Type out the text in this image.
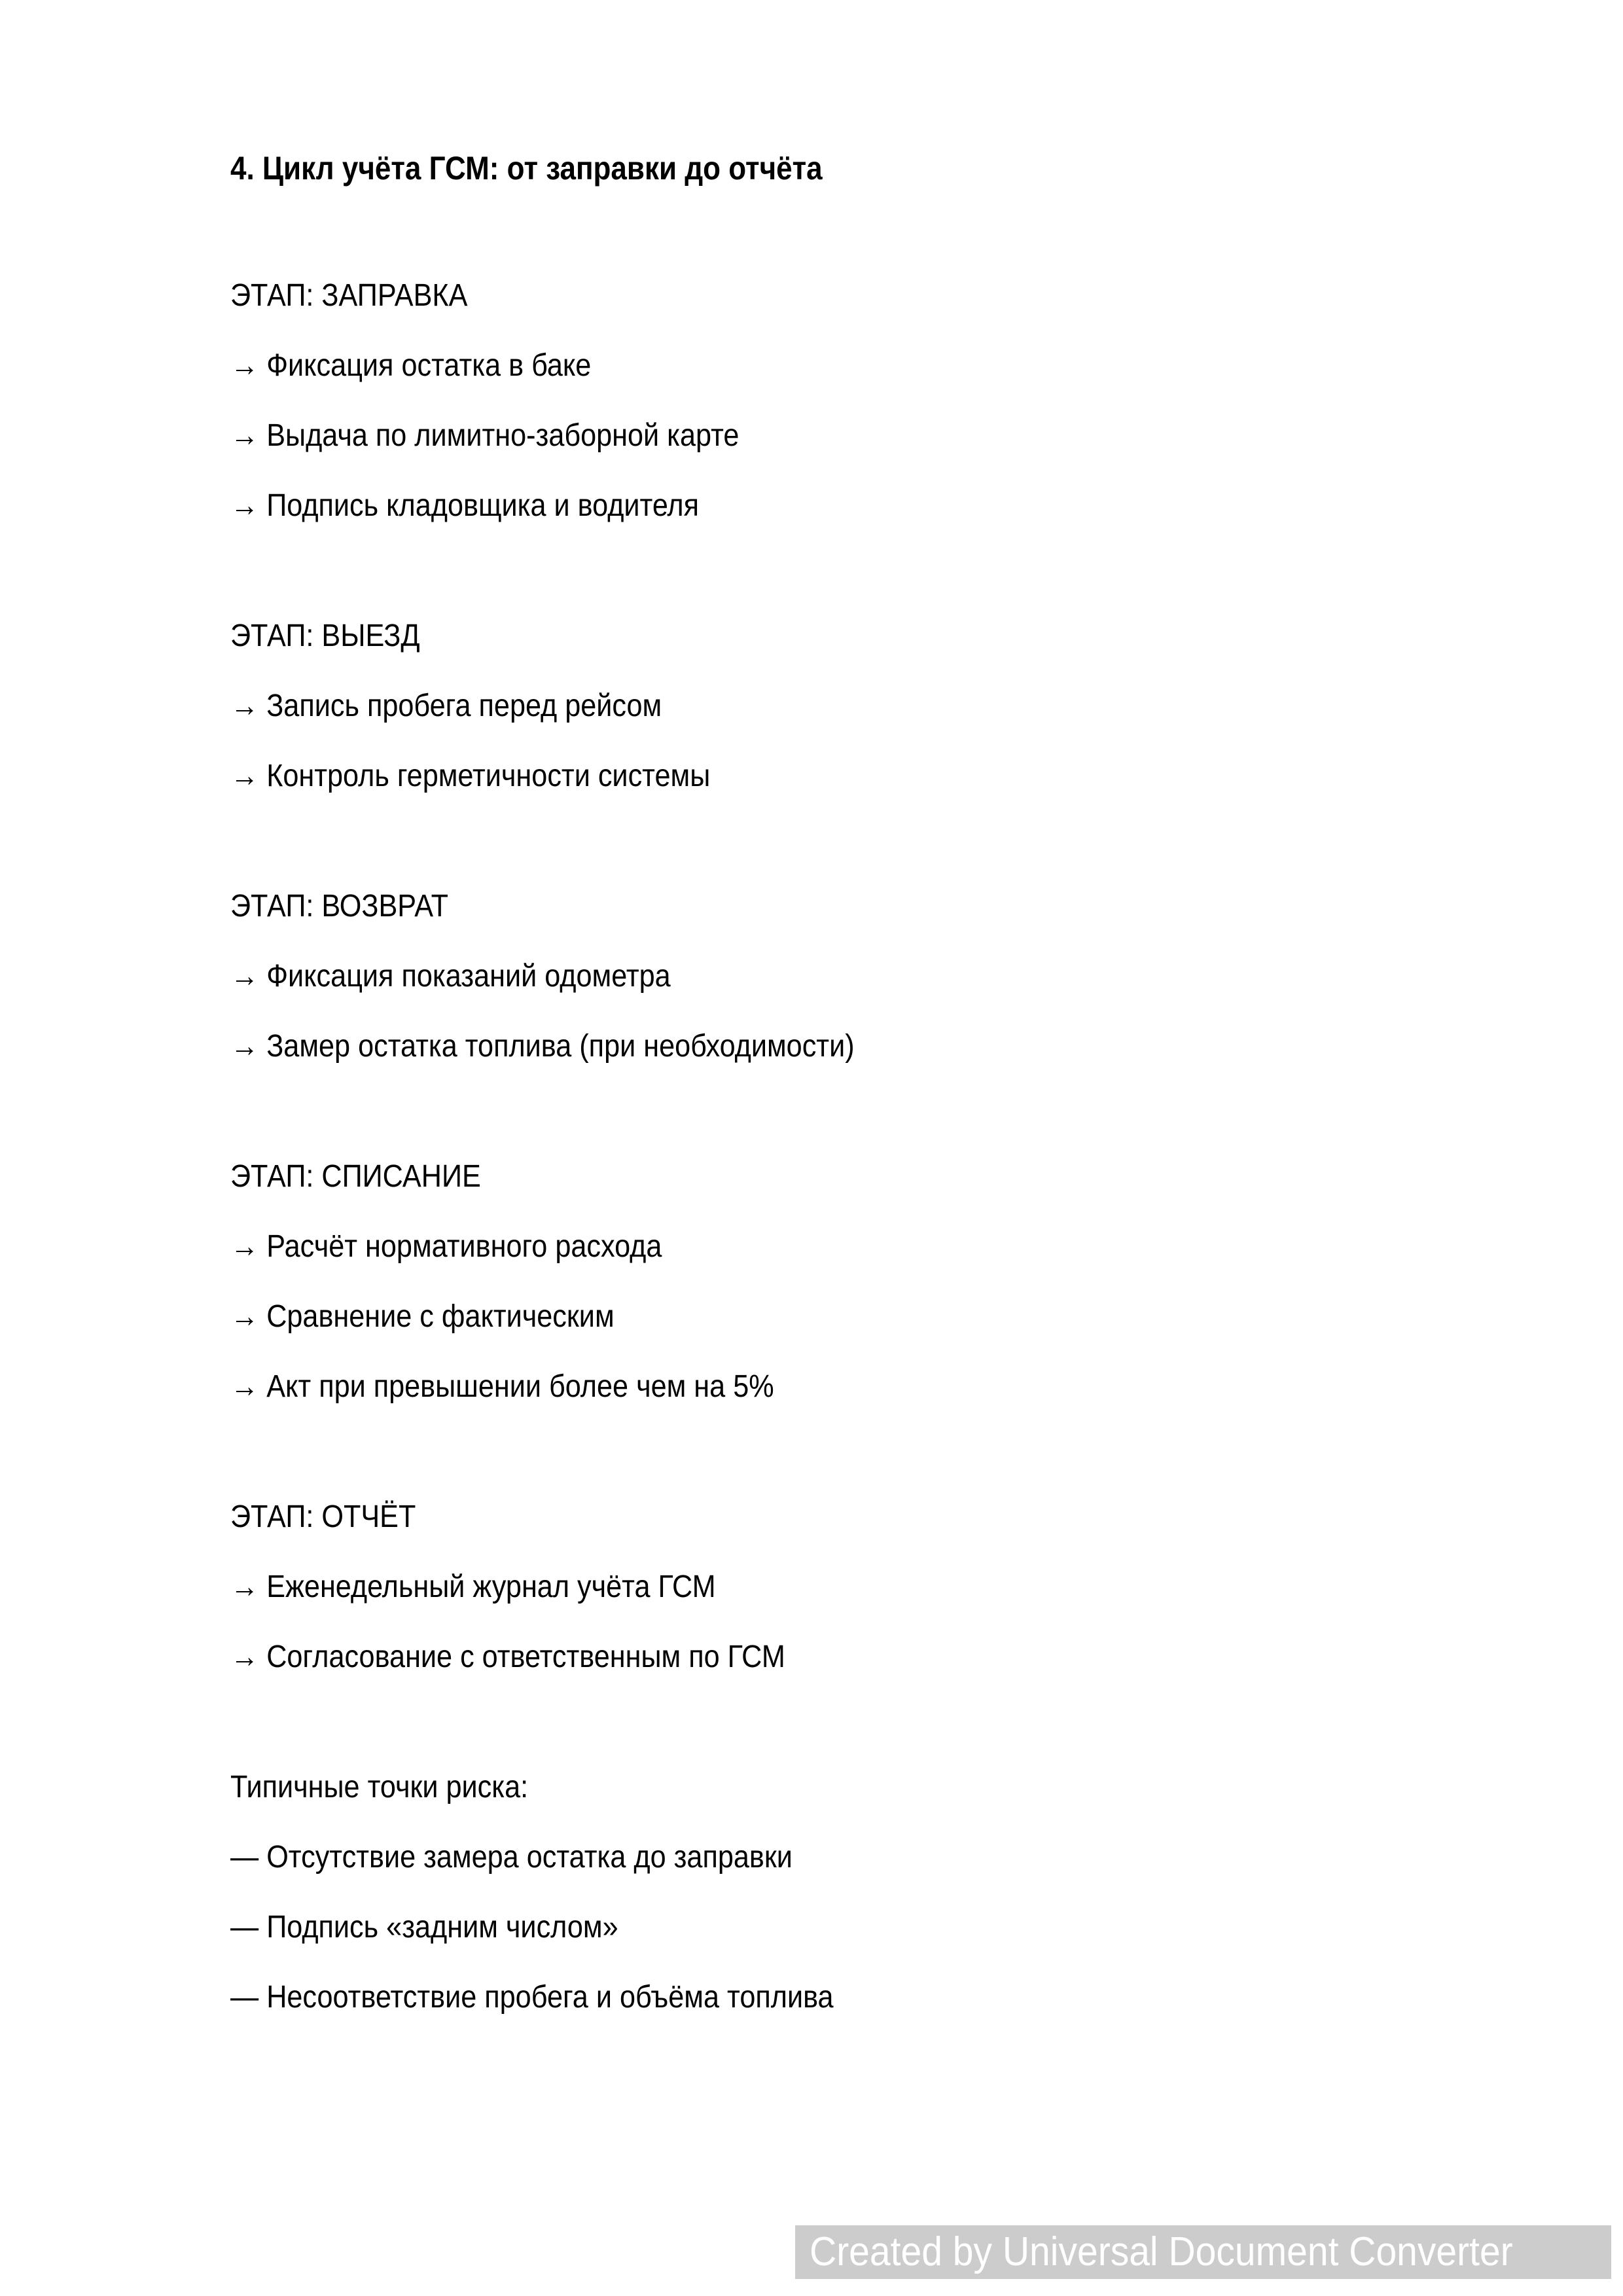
4. Цикл учёта ГСМ: от заправки до отчёта
ЭТАП: ЗАПРАВКА
→ Фиксация остатка в баке
→ Выдача по лимитно-заборной карте
→ Подпись кладовщика и водителя
ЭТАП: ВЫЕЗД
→ Запись пробега перед рейсом
→ Контроль герметичности системы
ЭТАП: ВОЗВРАТ
→ Фиксация показаний одометра
→ Замер остатка топлива (при необходимости)
ЭТАП: СПИСАНИЕ
→ Расчёт нормативного расхода
→ Сравнение с фактическим
→ Акт при превышении более чем на 5%
ЭТАП: ОТЧЁТ
→ Еженедельный журнал учёта ГСМ
→ Согласование с ответственным по ГСМ
Типичные точки риска:
— Отсутствие замера остатка до заправки
— Подпись «задним числом»
— Несоответствие пробега и объёма топлива
Created by Universal Document Converter
